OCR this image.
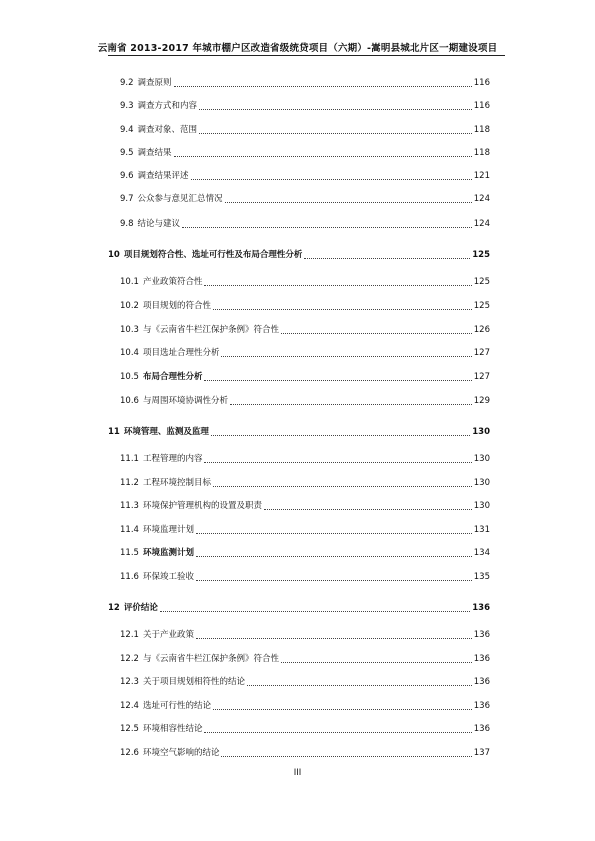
云南省 2013-2017 年城市棚户区改造省级统贷项目（六期）-嵩明县城北片区一期建设项目
9.2 调查原则	116
9.3 调查方式和内容	116
9.4 调查对象、范围	118
9.5 调查结果	118
9.6 调查结果评述	121
9.7 公众参与意见汇总情况	124
9.8 结论与建议	124
10 项目规划符合性、选址可行性及布局合理性分析	125
10.1 产业政策符合性	125
10.2 项目规划的符合性	125
10.3 与《云南省牛栏江保护条例》符合性	126
10.4 项目选址合理性分析	127
10.5 布局合理性分析	127
10.6 与周围环境协调性分析	129
11 环境管理、监测及监理	130
11.1 工程管理的内容	130
11.2 工程环境控制目标	130
11.3 环境保护管理机构的设置及职责	130
11.4 环境监理计划	131
11.5 环境监测计划	134
11.6 环保竣工验收	135
12 评价结论	136
12.1 关于产业政策	136
12.2 与《云南省牛栏江保护条例》符合性	136
12.3 关于项目规划相符性的结论	136
12.4 选址可行性的结论	136
12.5 环境相容性结论	136
12.6 环境空气影响的结论	137
III
